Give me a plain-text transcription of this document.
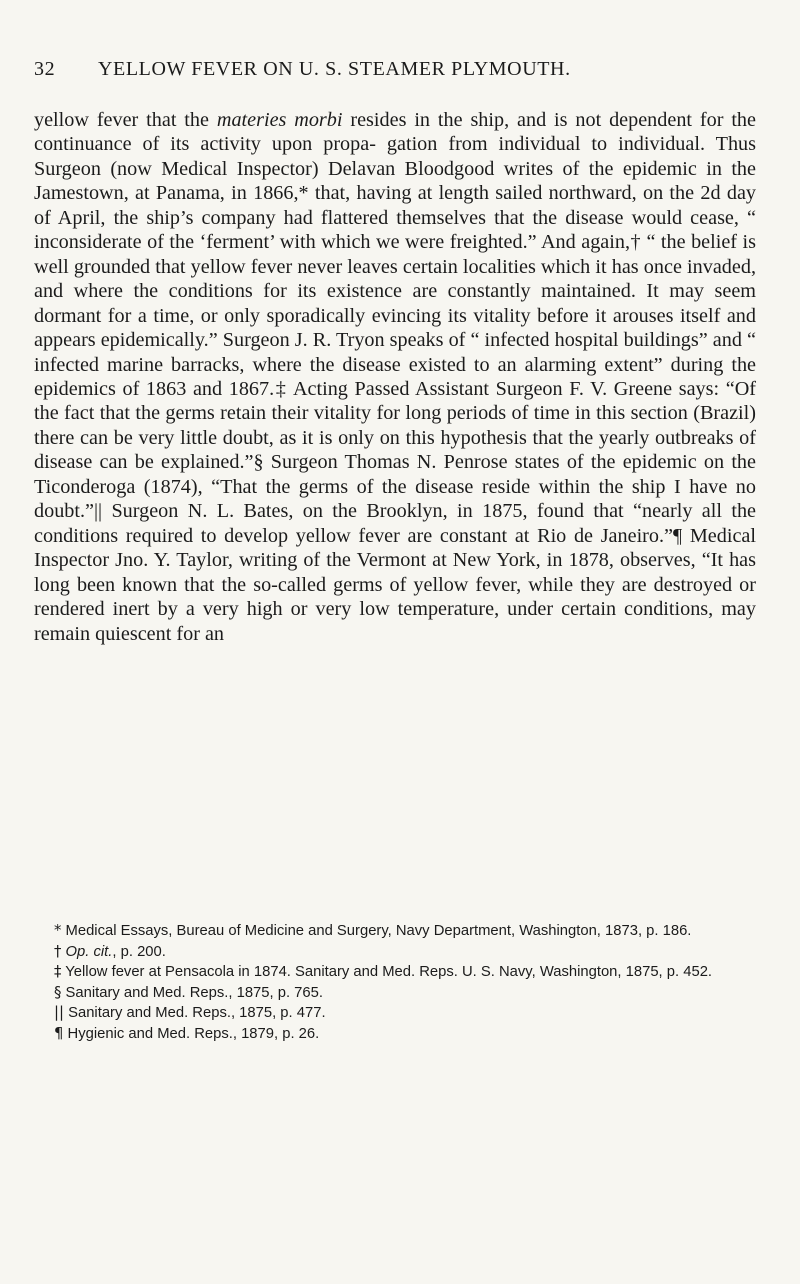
32 YELLOW FEVER ON U. S. STEAMER PLYMOUTH.

yellow fever that the materies morbi resides in the ship, and is not dependent for the continuance of its activity upon propa- gation from individual to individual. Thus Surgeon (now Medical Inspector) Delavan Bloodgood writes of the epidemic in the Jamestown, at Panama, in 1866,* that, having at length sailed northward, on the 2d day of April, the ship’s company had flattered themselves that the disease would cease, “ inconsiderate of the ‘ferment’ with which we were freighted.” And again,† “ the belief is well grounded that yellow fever never leaves certain localities which it has once invaded, and where the conditions for its existence are constantly maintained. It may seem dormant for a time, or only sporadically evincing its vitality before it arouses itself and appears epidemically.” Surgeon J. R. Tryon speaks of “ infected hospital buildings” and “ infected marine barracks, where the disease existed to an alarming extent” during the epidemics of 1863 and 1867.‡ Acting Passed Assistant Surgeon F. V. Greene says: “Of the fact that the germs retain their vitality for long periods of time in this section (Brazil) there can be very little doubt, as it is only on this hypothesis that the yearly outbreaks of disease can be explained.”§ Surgeon Thomas N. Penrose states of the epidemic on the Ticonderoga (1874), “That the germs of the disease reside within the ship I have no doubt.”|| Surgeon N. L. Bates, on the Brooklyn, in 1875, found that “nearly all the conditions required to develop yellow fever are constant at Rio de Janeiro.”¶ Medical Inspector Jno. Y. Taylor, writing of the Vermont at New York, in 1878, observes, “It has long been known that the so-called germs of yellow fever, while they are destroyed or rendered inert by a very high or very low temperature, under certain conditions, may remain quiescent for an

* Medical Essays, Bureau of Medicine and Surgery, Navy Department, Washington, 1873, p. 186.

† Op. cit., p. 200.

‡ Yellow fever at Pensacola in 1874. Sanitary and Med. Reps. U. S. Navy, Washington, 1875, p. 452.

§ Sanitary and Med. Reps., 1875, p. 765.

|| Sanitary and Med. Reps., 1875, p. 477.

¶ Hygienic and Med. Reps., 1879, p. 26.
